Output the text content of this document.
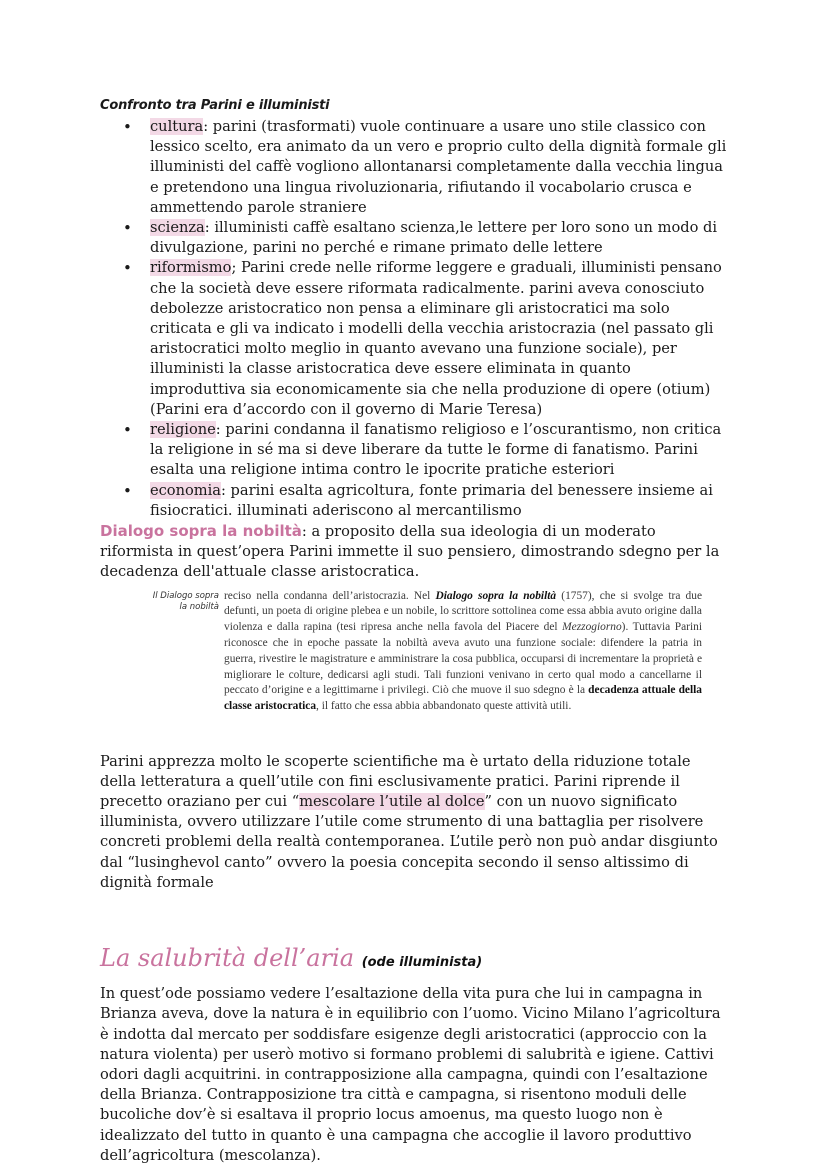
Confronto tra Parini e illuministi
• cultura: parini (trasformati) vuole continuare a usare uno stile classico con lessico scelto, era animato da un vero e proprio culto della dignità formale gli illuministi del caffè vogliono allontanarsi completamente dalla vecchia lingua e pretendono una lingua rivoluzionaria, rifiutando il vocabolario crusca e ammettendo parole straniere
• scienza: illuministi caffè esaltano scienza,le lettere per loro sono un modo di divulgazione, parini no perché e rimane primato delle lettere
• riformismo; Parini crede nelle riforme leggere e graduali, illuministi pensano che la società deve essere riformata radicalmente. parini aveva conosciuto debolezze aristocratico non pensa a eliminare gli aristocratici ma solo criticata e gli va indicato i modelli della vecchia aristocrazia (nel passato gli aristocratici molto meglio in quanto avevano una funzione sociale), per illuministi la classe aristocratica deve essere eliminata in quanto improduttiva sia economicamente sia che nella produzione di opere (otium)(Parini era d’accordo con il governo di Marie Teresa)
• religione: parini condanna il fanatismo religioso e l’oscurantismo, non critica la religione in sé ma si deve liberare da tutte le forme di fanatismo. Parini esalta una religione intima contro le ipocrite pratiche esteriori
• economia: parini esalta agricoltura, fonte primaria del benessere insieme ai fisiocratici. illuminati aderiscono al mercantilismo

Dialogo sopra la nobiltà: a proposito della sua ideologia di un moderato riformista in quest’opera Parini immette il suo pensiero, dimostrando sdegno per la decadenza dell'attuale classe aristocratica.

Il Dialogo sopra la nobiltà
reciso nella condanna dell’aristocrazia. Nel Dialogo sopra la nobiltà (1757), che si svolge tra due defunti, un poeta di origine plebea e un nobile, lo scrittore sottolinea come essa abbia avuto origine dalla violenza e dalla rapina (tesi ripresa anche nella favola del Piacere del Mezzogiorno). Tuttavia Parini riconosce che in epoche passate la nobiltà aveva avuto una funzione sociale: difendere la patria in guerra, rivestire le magistrature e amministrare la cosa pubblica, occuparsi di incrementare la proprietà e migliorare le colture, dedicarsi agli studi. Tali funzioni venivano in certo qual modo a cancellarne il peccato d’origine e a legittimarne i privilegi. Ciò che muove il suo sdegno è la decadenza attuale della classe aristocratica, il fatto che essa abbia abbandonato queste attività utili.

Parini apprezza molto le scoperte scientifiche ma è urtato della riduzione totale della letteratura a quell’utile con fini esclusivamente pratici. Parini riprende il precetto oraziano per cui “mescolare l’utile al dolce” con un nuovo significato illuminista, ovvero utilizzare l’utile come strumento di una battaglia per risolvere concreti problemi della realtà contemporanea. L’utile però non può andar disgiunto dal “lusinghevol canto” ovvero la poesia concepita secondo il senso altissimo di dignità formale

La salubrità dell’aria (ode illuminista)

In quest’ode possiamo vedere l’esaltazione della vita pura che lui in campagna in Brianza aveva, dove la natura è in equilibrio con l’uomo. Vicino Milano l’agricoltura è indotta dal mercato per soddisfare esigenze degli aristocratici (approccio con la natura violenta) per userò motivo si formano problemi di salubrità e igiene. Cattivi odori dagli acquitrini. in contrapposizione alla campagna, quindi con l’esaltazione della Brianza. Contrapposizione tra città e campagna, si risentono moduli delle bucoliche dov’è si esaltava il proprio locus amoenus, ma questo luogo non è idealizzato del tutto in quanto è una campagna che accoglie il lavoro produttivo dell’agricoltura (mescolanza).
